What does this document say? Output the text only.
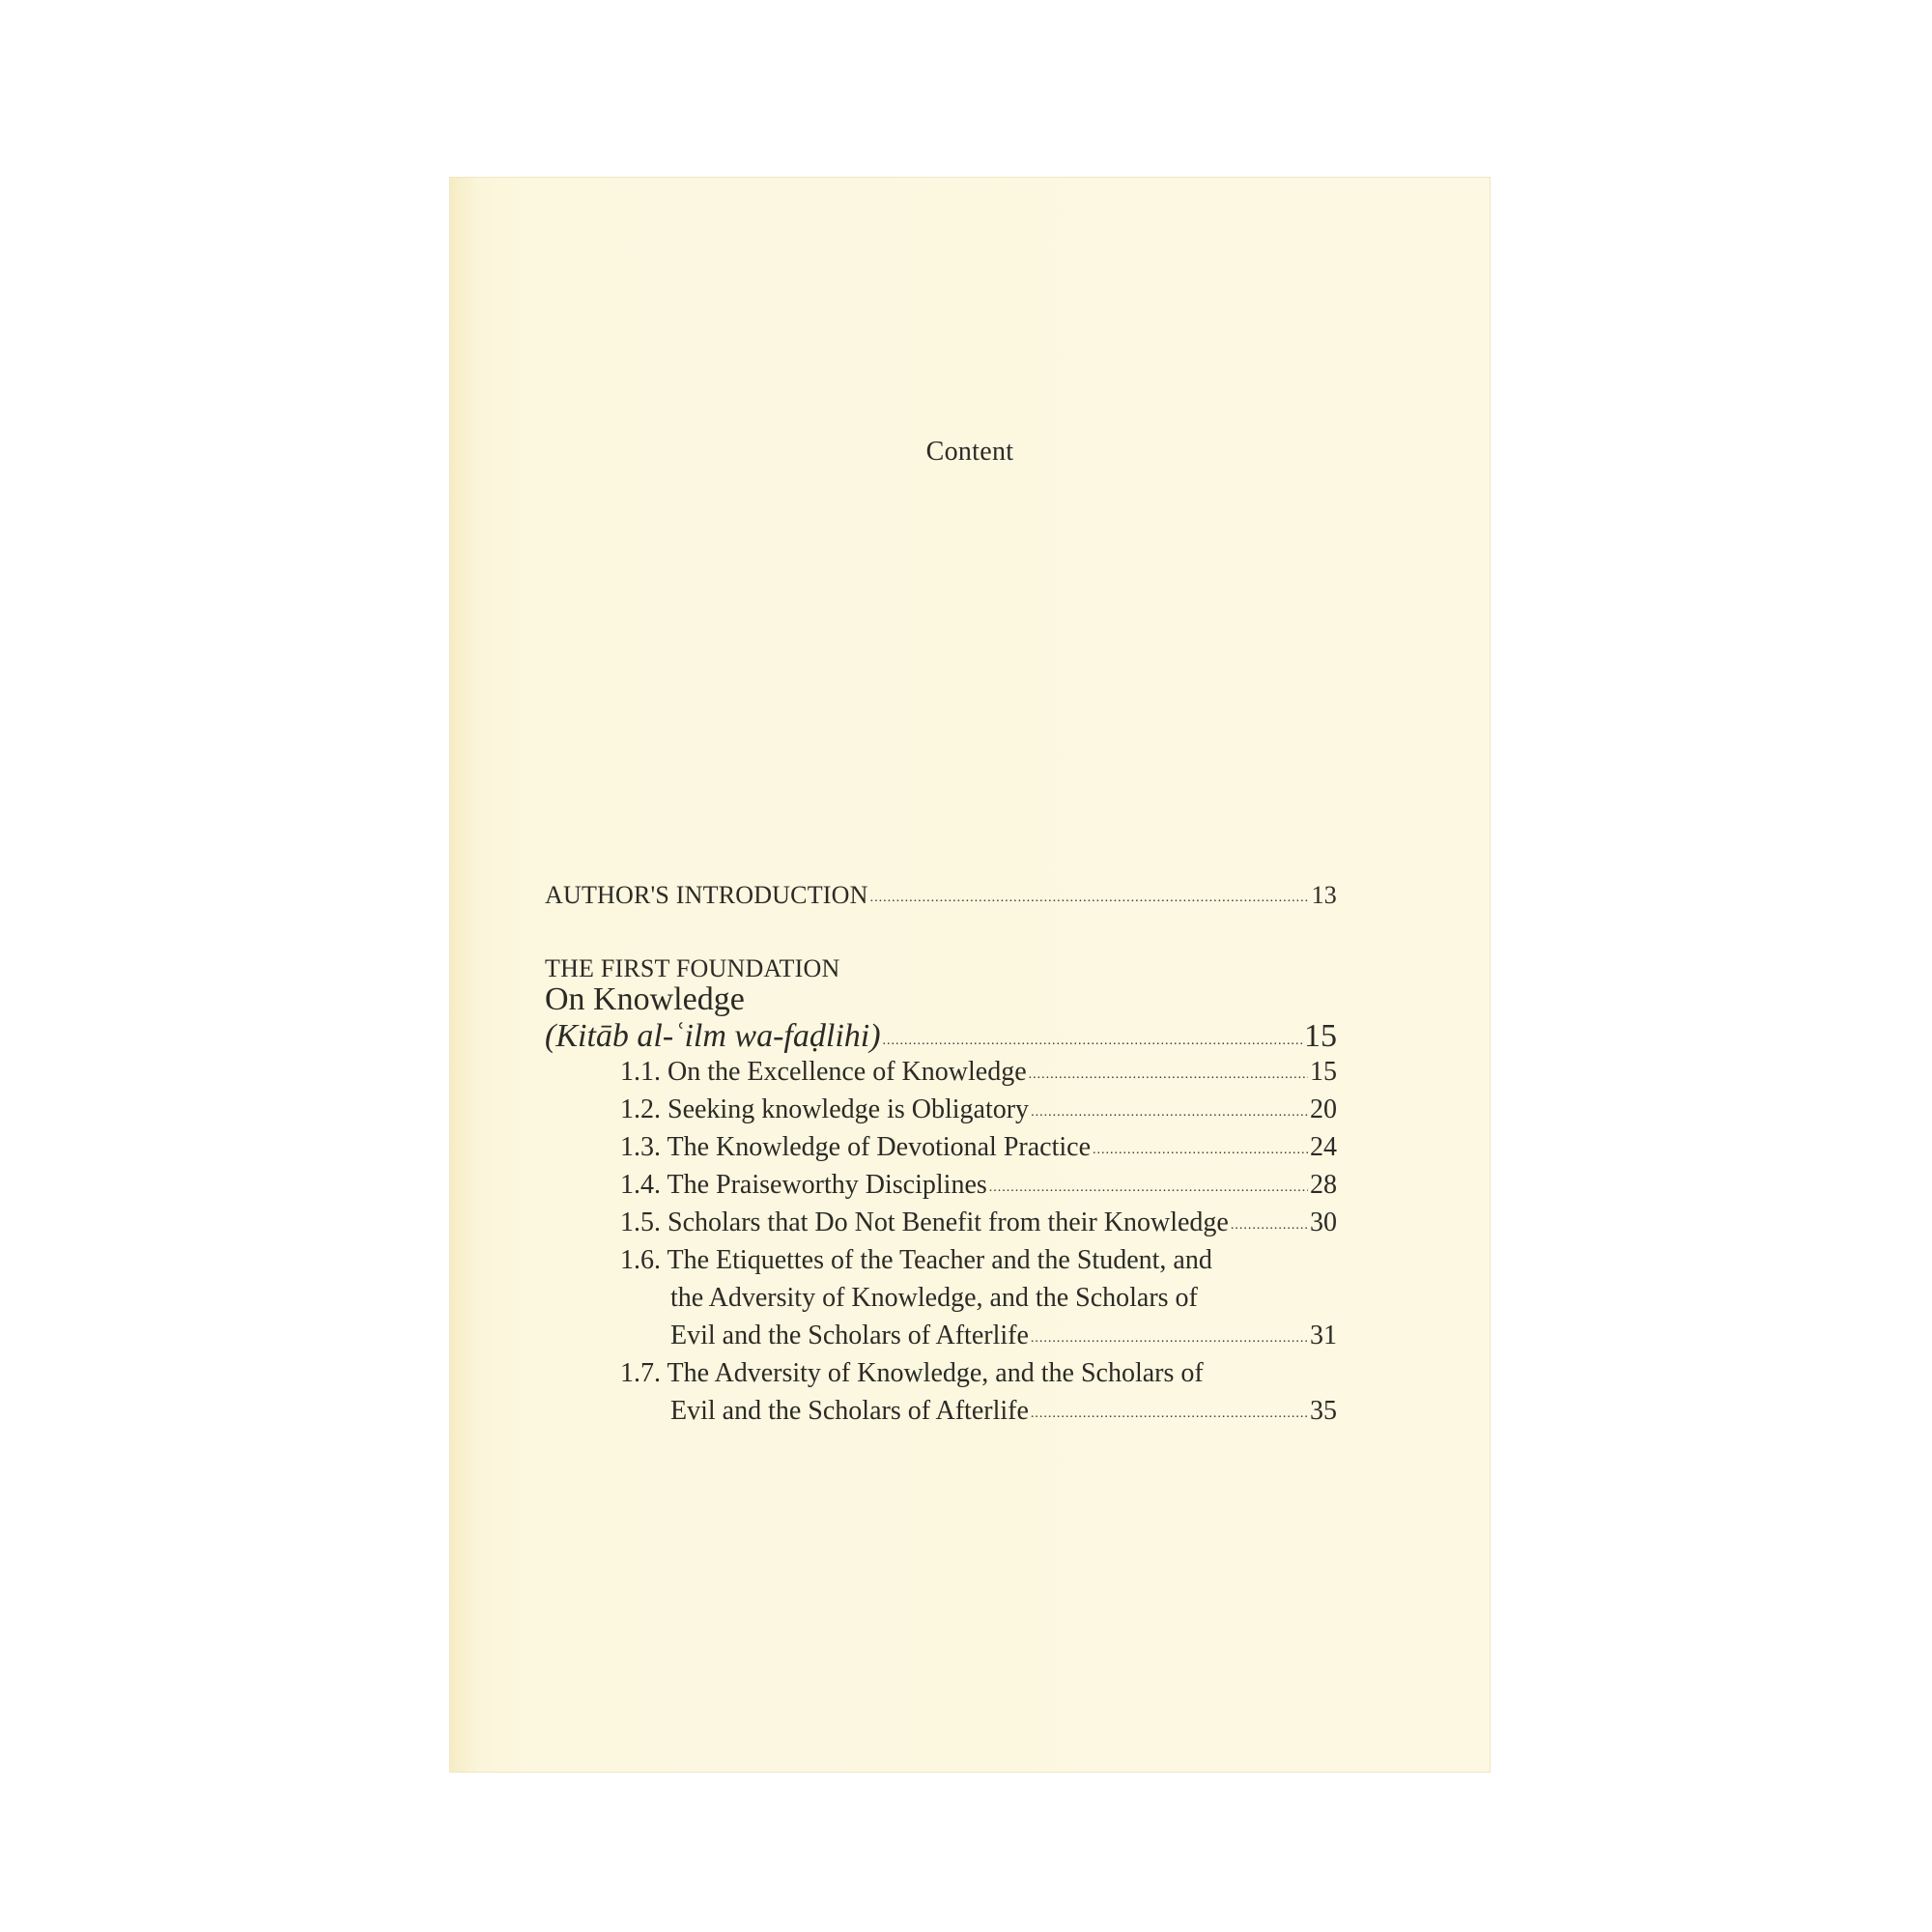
Content
AUTHOR'S INTRODUCTION .....	13
THE FIRST FOUNDATION
On Knowledge
(Kitāb al-ʿilm wa-faḍlihi) .....	15
1.1. On the Excellence of Knowledge .....	15
1.2. Seeking knowledge is Obligatory .....	20
1.3. The Knowledge of Devotional Practice .....	24
1.4. The Praiseworthy Disciplines .....	28
1.5. Scholars that Do Not Benefit from their Knowledge .....	30
1.6. The Etiquettes of the Teacher and the Student, and
the Adversity of Knowledge, and the Scholars of
Evil and the Scholars of Afterlife .....	31
1.7. The Adversity of Knowledge, and the Scholars of
Evil and the Scholars of Afterlife .....	35
